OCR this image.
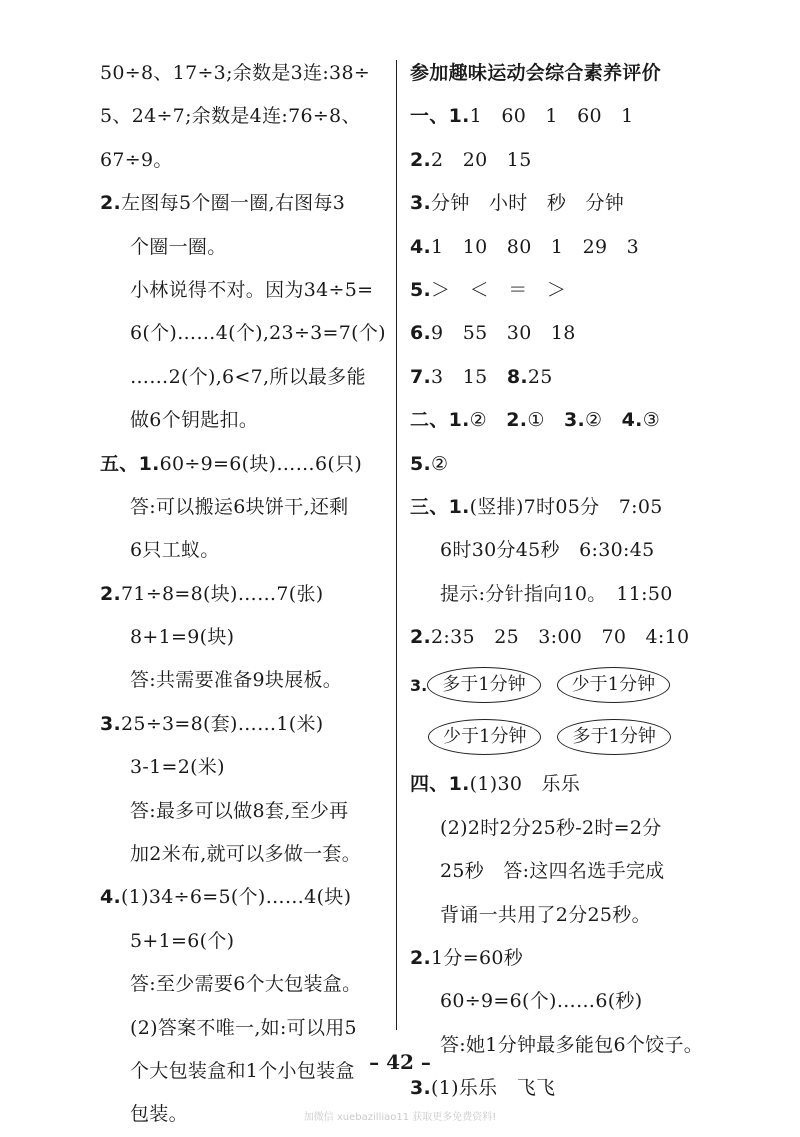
50÷8、17÷3;余数是3连:38÷
5、24÷7;余数是4连:76÷8、
67÷9。
2.左图每5个圈一圈,右图每3
个圈一圈。
小林说得不对。因为34÷5=
6(个)……4(个),23÷3=7(个)
……2(个),6<7,所以最多能
做6个钥匙扣。
五、1.60÷9=6(块)……6(只)
答:可以搬运6块饼干,还剩
6只工蚁。
2.71÷8=8(块)……7(张)
8+1=9(块)
答:共需要准备9块展板。
3.25÷3=8(套)……1(米)
3-1=2(米)
答:最多可以做8套,至少再
加2米布,就可以多做一套。
4.(1)34÷6=5(个)……4(块)
5+1=6(个)
答:至少需要6个大包装盒。
(2)答案不唯一,如:可以用5
个大包装盒和1个小包装盒
包装。
参加趣味运动会综合素养评价
一、1.1　60　1　60　1
2.2　20　15
3.分钟　小时　秒　分钟
4.1　10　80　1　29　3
5.＞　＜　＝　＞
6.9　55　30　18
7.3　15　8.25
二、1.②　2.①　3.②　4.③
5.②
三、1.(竖排)7时05分　7:05
6时30分45秒　6:30:45
提示:分针指向10。　11:50
2.2:35　25　3:00　70　4:10
3. 多于1分钟	少于1分钟
少于1分钟	多于1分钟
四、1.(1)30　乐乐
(2)2时2分25秒-2时=2分
25秒　答:这四名选手完成
背诵一共用了2分25秒。
2.1分=60秒
60÷9=6(个)……6(秒)
答:她1分钟最多能包6个饺子。
3.(1)乐乐　飞飞
– 42 –
加微信 xuebazilliao11 获取更多免费资料!
